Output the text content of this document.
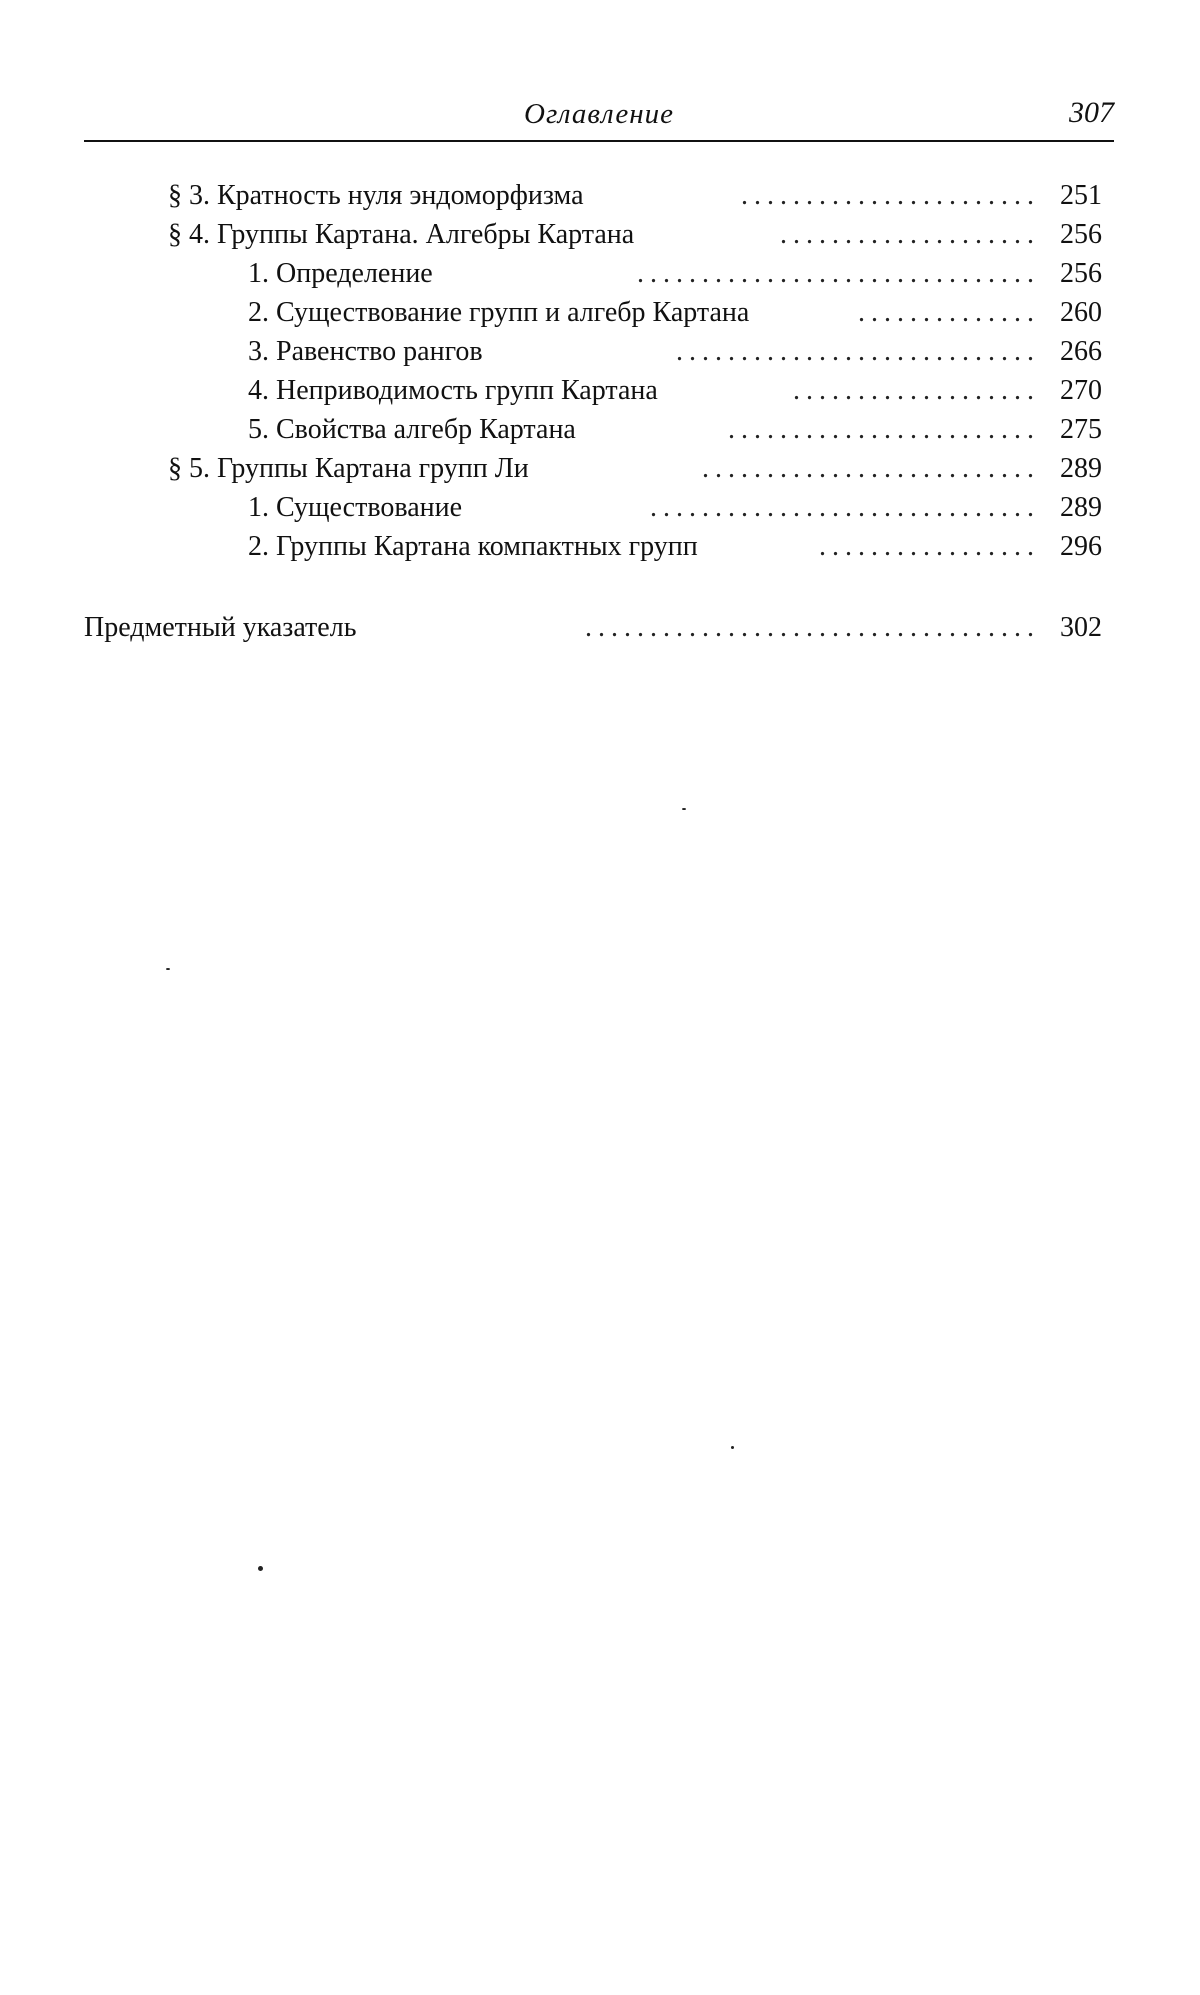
Оглавление	307
§ 3. Кратность нуля эндоморфизма	....................... 251
§ 4. Группы Картана. Алгебры Картана	.................... 256
1. Определение	............................... 256
2. Существование групп и алгебр Картана	.............. 260
3. Равенство рангов	............................ 266
4. Неприводимость групп Картана	................... 270
5. Свойства алгебр Картана	........................ 275
§ 5. Группы Картана групп Ли	.......................... 289
1. Существование	.............................. 289
2. Группы Картана компактных групп	................. 296
Предметный указатель	................................... 302
